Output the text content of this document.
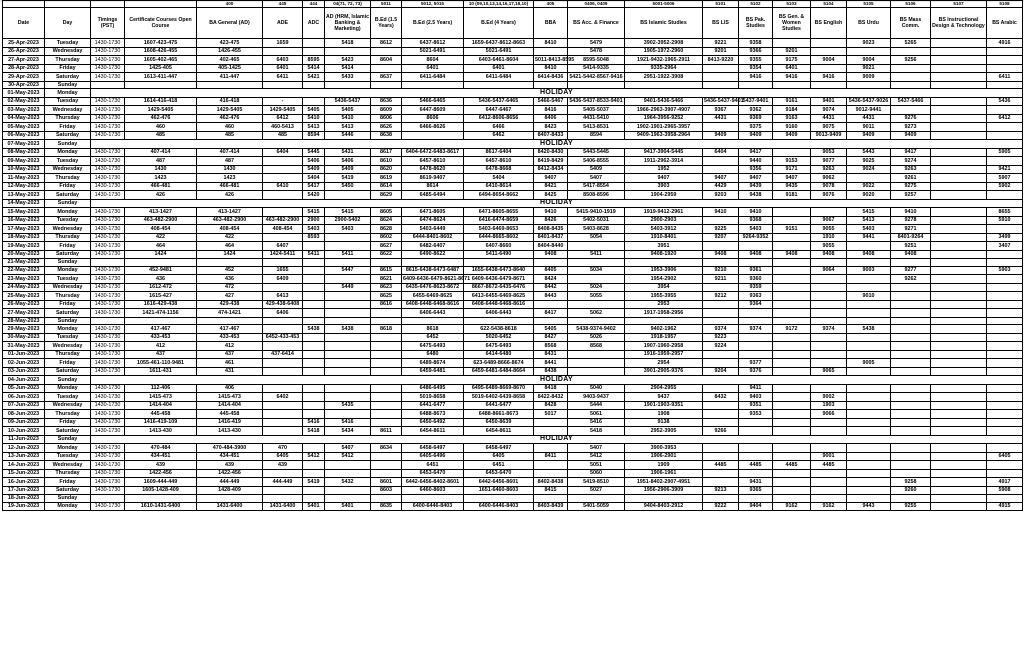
				400	445	444	04(71, 72, 73)	5011	5012, 5015	10 (09,10,13,14,16,17,18,10)	405	0406, 0409	5001-5006	5101	5102	5103	5104	5105	5106	5107	5108	
Date	Day	Timings (PST)	Certificate Courses Open Course	BA General (AD)	ADE	ADC	AD (HRM, Islamic Banking & Marketing)	B.Ed (1.5 Years)	B.Ed (2.5 Years)	B.Ed (4 Years)	BBA	BS Acc. & Finance	BS Islamic Studies	BS LIS	BS Pak. Studies	BS Gen. & Women Studies	BS English	BS Urdu	BS Mass Comm.	BS Instructional Design & Technology	BS Arabic	
25-Apr-2023	Tuesday	1430-1730	1607-423-475	423-475	1659		5418	8612	6437-8612	1659-6437-8612-8663	8410	5479	3902-3952-2908	9221	9358			9023	5265		4916	
26-Apr-2023	Wednesday	1430-1730	1608-426-455	1426-455					5021-6491	5021-6491		5478	1905-1972-2960	9201	9366	9201						
27-Apr-2023	Thursday	1430-1730	1605-402-465	402-465	6403	8595	5423	8604	8604	6403-6461-8604	5011-8413-8595	8595-5048	1921-9432-1965-2911	8413-9220	9355	9175	9004	9004	9256			
28-Apr-2023	Friday	1430-1730	1425-405	405-1425	6401	5414	5414		6401	6401	8410	5414-9335	9335-2964		9354	6401		9021				
29-Apr-2023	Saturday	1430-1730	1613-411-447	411-447	6411	5421	5433	8637	6411-6484	6411-6484	8414-8436	5421-5442-8567-9416	2951-1922-3908		9416	9416	9416	9009			6411	
30-Apr-2023	Sunday																					
01-May-2023	Monday	HOLIDAY																				
02-May-2023	Tuesday	1430-1730	1614-416-418	416-418	-		5436-5437	8636	5466-6465	5436-5437-6465	5466-5467	5436-5437-8533-9401	9401-5436-5466	5436-5437-9401	5437-9401	9161	9401	5436-5437-9026	5437-5466		5436	
03-May-2023	Wednesday	1430-1730	1429-5405	1429-5405	1429-5405	5405	5405	8609	6447-8609	6447-6467	8416	5405-5037	1966-2963-3907-4907	9367	9362	9184	9074	9012-9441				
04-May-2023	Thursday	1430-1730	462-476	462-476	6412	5410	5410	8606	8606	6412-8606-8656	8406	4431-5410	1964-3956-9252	4431	9369	9163	4431	4431	9276		6412	
05-May-2023	Friday	1430-1730	460	460	460-5413	5413	5413	8626	6466-8626	6466	8423	5413-8531	1902-1901-2965-3957		9375	9160	9075	9011	9273			
06-May-2023	Saturday	1430-1730	485	485	485	8594	5446	8638		6462	8407-8433	8594	9409-1963-3958-2964	9409	9409	9409	9013-9409	9409	9409			
07-May-2023	Sunday	HOLIDAY																				
08-May-2023	Monday	1430-1730	407-414	407-414	6404	5445	5431	8617	6404-6472-6483-8617	8617-6404	8420-8430	5443-5445	9417-3904-5445	6404	9417		9053	5443	9417		5905	
09-May-2023	Tuesday	1430-1730	487	487		5406	5406	8610	6457-8610	6457-8610	8419-8429	5406-8555	1911-2962-3914		9440	9153	9077	9025	9274			
10-May-2023	Wednesday	1430-1730	1430	1430		5409	5409	8620	6478-8620	6478-8668	8412-8434	5409	1952		9356	9171	9263	9024	9263		9421	
11-May-2023	Thursday	1430-1730	1423	1423		5404	5419	8619	8619-9407	5404	9407	5407	9407	9407	9407	9407	9062		9261		5907	
12-May-2023	Friday	1430-1730	466-481	466-481	6410	5417	5450	8614	8614	6410-8614	8421	5417-8554	3903	4429	9439	9435	9078	9022	9275		5902	
13-May-2023	Saturday	1430-1730	426	426		5420		8629	6485-6494	6494-8654-8662	8425	8508-8596	1904-2959	9203	9438	9181	9076	9020	9257			
14-May-2023	Sunday	HOLIDAY																				
15-May-2023	Monday	1430-1730	413-1427	413-1427		5415	5415	8605	6471-8605	6471-8605-8655	9410	5415-9410-1919	1919-9412-2961	9410	9410			5415	9410		8655	
16-May-2023	Tuesday	1430-1730	463-482-2900	463-482-2900	463-482-2900	2900	2900-5402	8624	6474-8624	6416-6474-8659	8426	5402-5031	2900-2903		9368		9067	5413	9278		5910	
17-May-2023	Wednesday	1430-1730	408-454	408-454	408-454	5403	5403	8628	5403-6449	5403-6469-8653	8408-8435	5403-8628	5403-3912	9225	5403	9151	9055	5403	9271			
18-May-2023	Thursday	1430-1730	422	422		8593		8602	6444-8401-8602	6444-8665-8602	8401-8437	5054	1910-8401	9207	9264-9352		1910	9441	8401-9264		3499	
19-May-2023	Friday	1430-1730	464	464	6407			8627	6482-6407	6407-8660	8404-8440		3951				9055		9251		3407	
20-May-2023	Saturday	1430-1730	1424	1424	1424-5411	5411	5411	8622	6490-8622	5411-6490	9408	5411	9408-1920	9408	9408	9408	9408	9408	9408			
21-May-2023	Sunday																					
22-May-2023	Monday	1430-1730	452-9481	452	1655		5447	8615	8615-6438-6473-6487	1655-6438-6473-8640	8405	5034	1953-3906	9210	9361		9064	9003	9277		5903	
23-May-2023	Tuesday	1430-1730	436	436	6409			8621	6409-6436-6479-8621-8671	6409-6436-6479-8671	8424		1954-2902	9211	9360				9262			
24-May-2023	Wednesday	1430-1730	1612-472	472			5449	8623	6435-6476-8623-8672	8667-8672-6435-6476	8442	5024	3954		9359							
25-May-2023	Thursday	1430-1730	1615-427	427	6413			8625	6455-6469-8625	6413-6455-6469-8625	8443	5055	1955-3955	9212	9363			9010				
26-May-2023	Friday	1430-1730	1616-429-438	429-438	429-438-6408			8616	6408-6448-6468-8616	6408-6448-6468-8616			2953		9364							
27-May-2023	Saturday	1430-1730	1421-474-1156	474-1421	6406				6406-6443	6406-6443	8417	5062	1917-1958-2956									
28-May-2023	Sunday																					
29-May-2023	Monday	1430-1730	417-467	417-467		5438	5438	8618	8618	622-5438-8618	5405	5438-9374-9402	9402-1962	9374	9374	9172	9374	5438				
30-May-2023	Tuesday	1430-1730	433-453	433-453	6452-433-453				6452	5020-6452	8427	5026	1918-1957	9223								
31-May-2023	Wednesday	1430-1730	412	412					6475-6493	6475-6493	8568	8568	1907-1960-2958	9224								
01-Jun-2023	Thursday	1430-1730	437	437	437-6414				6480	6414-6480	8431		1916-1959-2957									
02-Jun-2023	Friday	1430-1730	1055-461-110-9481	461					6489-8674	623-6489-8666-8674	8441		2954		9377			9005				
03-Jun-2023	Saturday	1430-1730	1611-431	431					6459-6481	6459-6481-6484-8664	8438		3901-2905-9376	9204	9376		9065					
04-Jun-2023	Sunday	HOLIDAY																				
05-Jun-2023	Monday	1430-1730	112-406	406					6486-6495	6495-6489-8669-8670	8418	5040	2904-2955		9411							
06-Jun-2023	Tuesday	1430-1730	1415-473	1415-473	6402				5019-8658	5019-6402-6439-8658	8422-8432	9403-9437	9437	8432	9403		9002					
07-Jun-2023	Wednesday	1430-1730	1414-404	1414-404			5435		6441-6477	6441-6477	8428	5444	1901-1903-9351		9351		1903					
08-Jun-2023	Thursday	1430-1730	445-458	445-458					6488-8673	6488-8661-8673	5017	5061	1908		9353		9066					
09-Jun-2023	Friday	1430-1730	1416-419-109	1416-419		5416	5416		6450-6492	6450-8639		5416	9138									
10-Jun-2023	Saturday	1430-1730	1413-430	1413-430		5418	5434	8611	6454-8611	6454-8611		5418	2952-3905	9266								
11-Jun-2023	Sunday	HOLIDAY																				
12-Jun-2023	Monday	1430-1730	470-484	470-484-3900	470		5407	8634	6458-6497	6458-6497		5407	3900-3953									
13-Jun-2023	Tuesday	1430-1730	434-451	434-451	6405	5412	5412		6405-6496	6405	8411	5412	1906-2901				9001				6405	
14-Jun-2023	Wednesday	1430-1730	439	439	439				6451	6451		5051	1909	4485	4485	4485	4485					
15-Jun-2023	Thursday	1430-1730	1422-456	1422-456					6453-6470	6453-6470		5060	1906-1961									
16-Jun-2023	Friday	1430-1730	1609-444-449	444-449	444-449	5419	5432	8601	6442-6456-8402-8601	6442-6456-8601	8402-8438	5419-8510	1951-8402-2907-4951		9431				9258		4917	
17-Jun-2023	Saturday	1430-1730	1605-1428-409	1428-409				8603	6460-8603	1651-6460-8603	8415	5027	1956-2906-3909	9213	9365				9260		5908	
18-Jun-2023	Sunday																					
19-Jun-2023	Monday	1430-1730	1610-1431-6400	1431-6400	1431-6400	5401	5401	8635	6400-6446-8403	6400-6446-8403	8403-8439	5401-5059	9404-8403-2912	9222	9404	9162	9162	9443	9255		4915	
